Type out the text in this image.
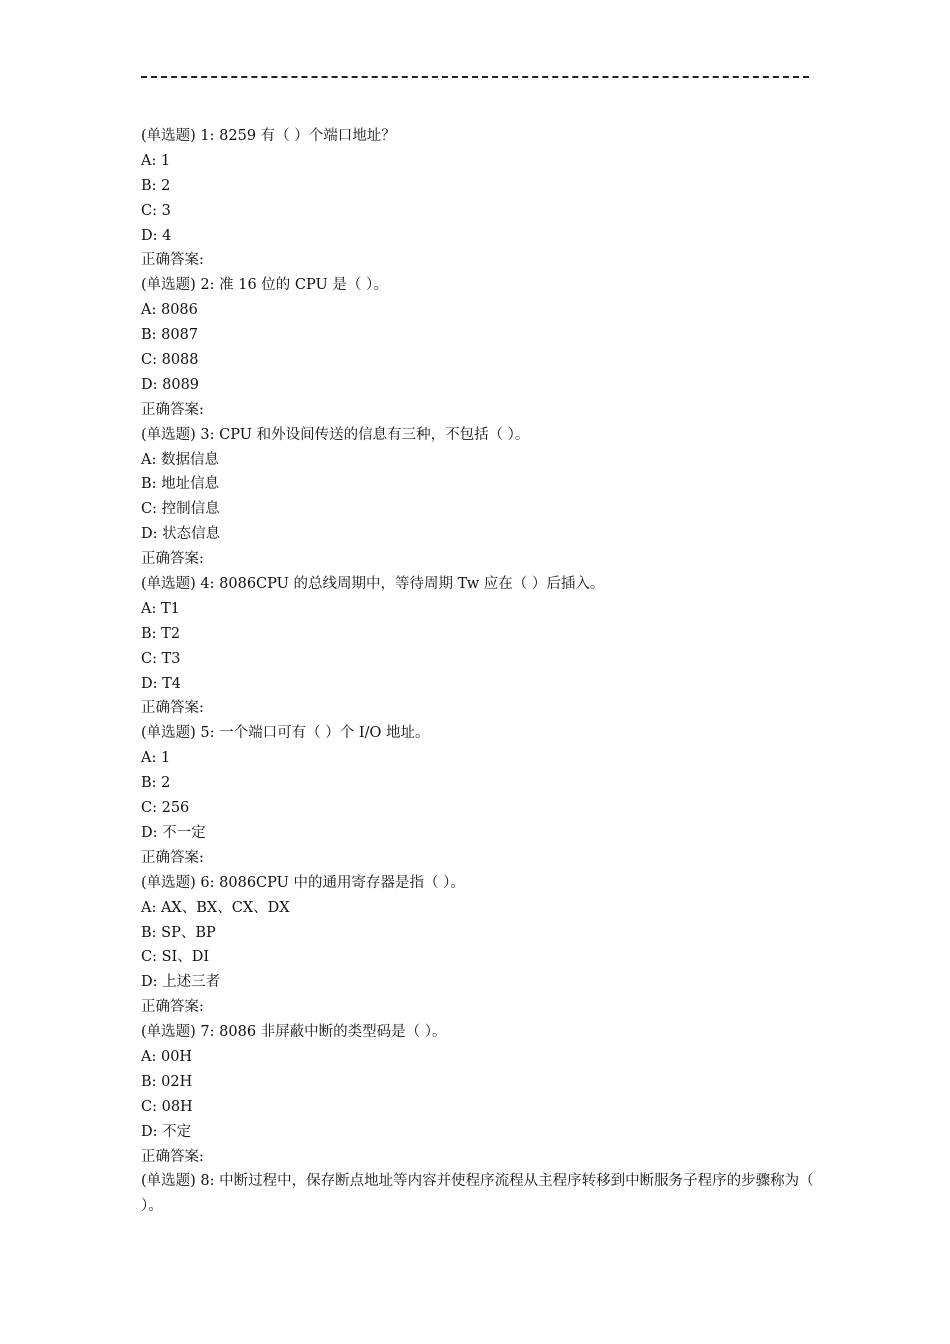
(单选题) 1: 8259 有（ ）个端口地址？
A: 1
B: 2
C: 3
D: 4
正确答案:
(单选题) 2: 准 16 位的 CPU 是（ ）。
A: 8086
B: 8087
C: 8088
D: 8089
正确答案:
(单选题) 3: CPU 和外设间传送的信息有三种，不包括（ ）。
A: 数据信息
B: 地址信息
C: 控制信息
D: 状态信息
正确答案:
(单选题) 4: 8086CPU 的总线周期中，等待周期 Tw 应在（ ）后插入。
A: T1
B: T2
C: T3
D: T4
正确答案:
(单选题) 5: 一个端口可有（ ）个 I/O 地址。
A: 1
B: 2
C: 256
D: 不一定
正确答案:
(单选题) 6: 8086CPU 中的通用寄存器是指（ ）。
A: AX、BX、CX、DX
B: SP、BP
C: SI、DI
D: 上述三者
正确答案:
(单选题) 7: 8086 非屏蔽中断的类型码是（ ）。
A: 00H
B: 02H
C: 08H
D: 不定
正确答案:
(单选题) 8: 中断过程中，保存断点地址等内容并使程序流程从主程序转移到中断服务子程序的步骤称为（ ）。
